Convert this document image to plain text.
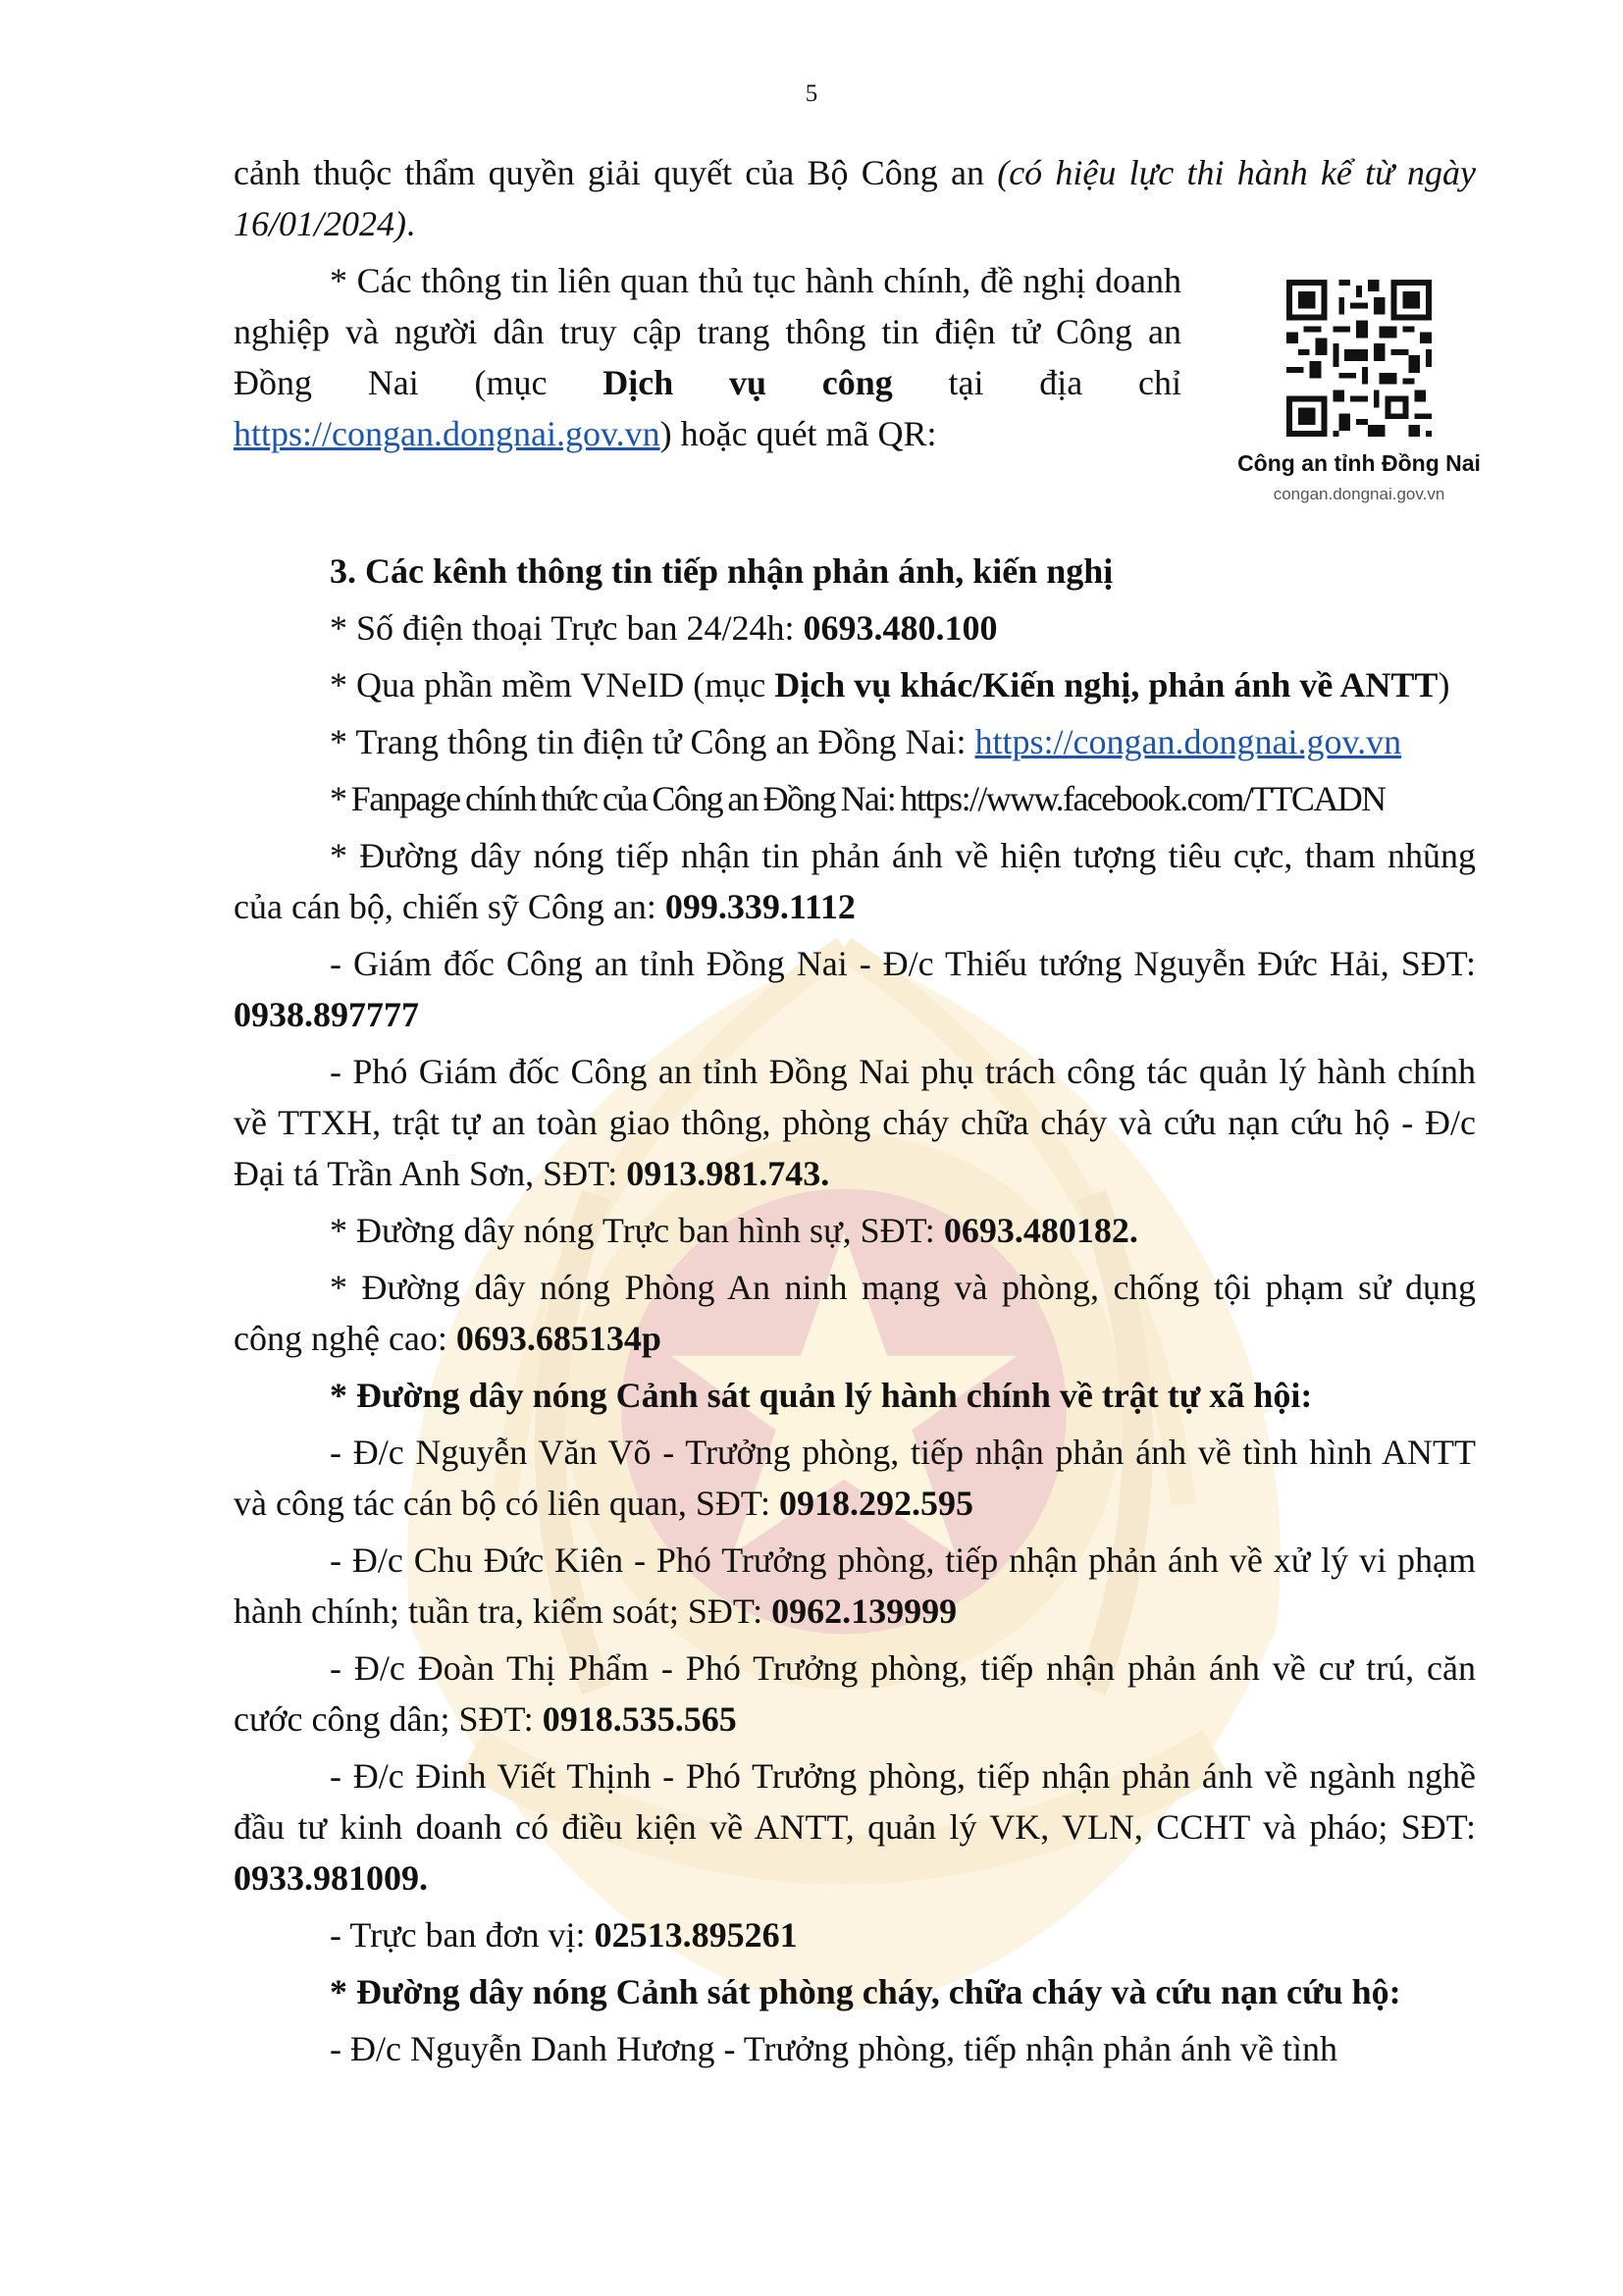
5
Công an tỉnh Đồng Nai
congan.dongnai.gov.vn

cảnh thuộc thẩm quyền giải quyết của Bộ Công an (có hiệu lực thi hành kể từ ngày 16/01/2024).

* Các thông tin liên quan thủ tục hành chính, đề nghị doanh nghiệp và người dân truy cập trang thông tin điện tử Công an Đồng Nai (mục Dịch vụ công tại địa chỉ https://congan.dongnai.gov.vn) hoặc quét mã QR:

3. Các kênh thông tin tiếp nhận phản ánh, kiến nghị

* Số điện thoại Trực ban 24/24h: 0693.480.100

* Qua phần mềm VNeID (mục Dịch vụ khác/Kiến nghị, phản ánh về ANTT)

* Trang thông tin điện tử Công an Đồng Nai: https://congan.dongnai.gov.vn

* Fanpage chính thức của Công an Đồng Nai: https://www.facebook.com/TTCADN

* Đường dây nóng tiếp nhận tin phản ánh về hiện tượng tiêu cực, tham nhũng của cán bộ, chiến sỹ Công an: 099.339.1112

- Giám đốc Công an tỉnh Đồng Nai - Đ/c Thiếu tướng Nguyễn Đức Hải, SĐT: 0938.897777

- Phó Giám đốc Công an tỉnh Đồng Nai phụ trách công tác quản lý hành chính về TTXH, trật tự an toàn giao thông, phòng cháy chữa cháy và cứu nạn cứu hộ - Đ/c Đại tá Trần Anh Sơn, SĐT: 0913.981.743.

* Đường dây nóng Trực ban hình sự, SĐT: 0693.480182.

* Đường dây nóng Phòng An ninh mạng và phòng, chống tội phạm sử dụng công nghệ cao: 0693.685134p

* Đường dây nóng Cảnh sát quản lý hành chính về trật tự xã hội:

- Đ/c Nguyễn Văn Võ - Trưởng phòng, tiếp nhận phản ánh về tình hình ANTT và công tác cán bộ có liên quan, SĐT: 0918.292.595

- Đ/c Chu Đức Kiên - Phó Trưởng phòng, tiếp nhận phản ánh về xử lý vi phạm hành chính; tuần tra, kiểm soát; SĐT: 0962.139999

- Đ/c Đoàn Thị Phẩm - Phó Trưởng phòng, tiếp nhận phản ánh về cư trú, căn cước công dân; SĐT: 0918.535.565

- Đ/c Đinh Viết Thịnh - Phó Trưởng phòng, tiếp nhận phản ánh về ngành nghề đầu tư kinh doanh có điều kiện về ANTT, quản lý VK, VLN, CCHT và pháo; SĐT: 0933.981009.

- Trực ban đơn vị: 02513.895261

* Đường dây nóng Cảnh sát phòng cháy, chữa cháy và cứu nạn cứu hộ:

- Đ/c Nguyễn Danh Hương - Trưởng phòng, tiếp nhận phản ánh về tình
